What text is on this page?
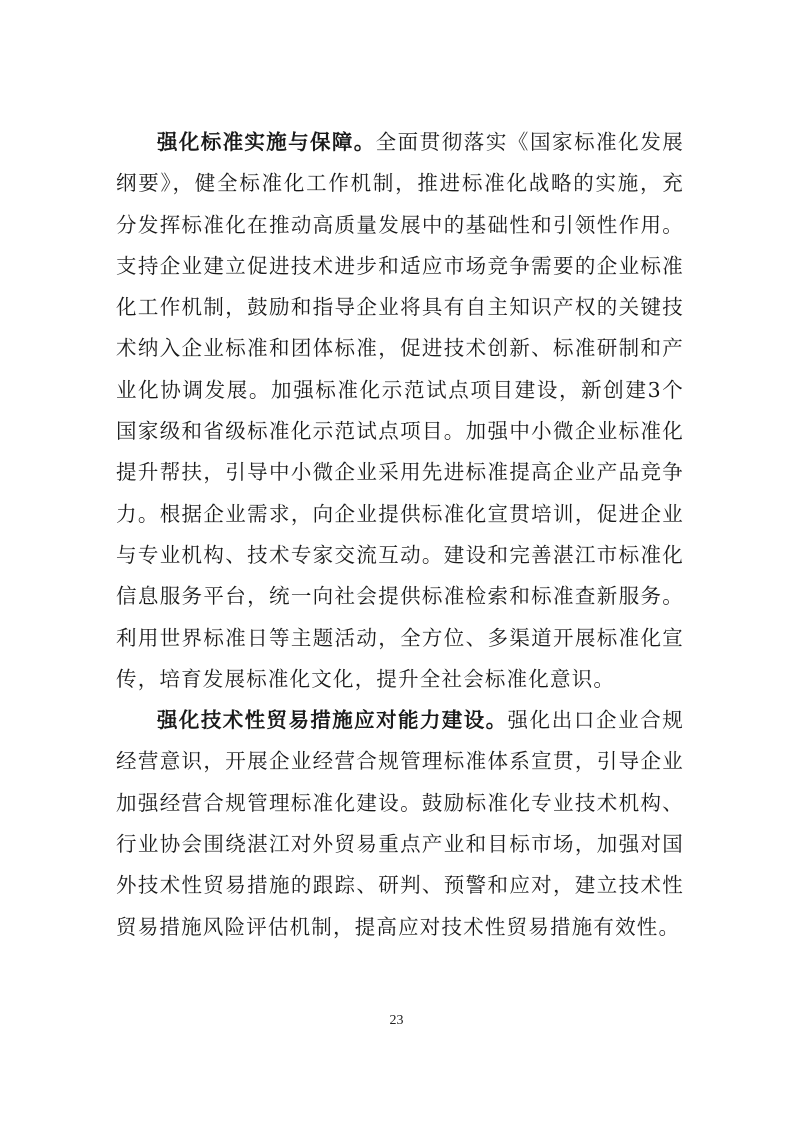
强化标准实施与保障。全面贯彻落实《国家标准化发展纲要》，健全标准化工作机制，推进标准化战略的实施，充分发挥标准化在推动高质量发展中的基础性和引领性作用。支持企业建立促进技术进步和适应市场竞争需要的企业标准化工作机制，鼓励和指导企业将具有自主知识产权的关键技术纳入企业标准和团体标准，促进技术创新、标准研制和产业化协调发展。加强标准化示范试点项目建设，新创建3个国家级和省级标准化示范试点项目。加强中小微企业标准化提升帮扶，引导中小微企业采用先进标准提高企业产品竞争力。根据企业需求，向企业提供标准化宣贯培训，促进企业与专业机构、技术专家交流互动。建设和完善湛江市标准化信息服务平台，统一向社会提供标准检索和标准查新服务。利用世界标准日等主题活动，全方位、多渠道开展标准化宣传，培育发展标准化文化，提升全社会标准化意识。

强化技术性贸易措施应对能力建设。强化出口企业合规经营意识，开展企业经营合规管理标准体系宣贯，引导企业加强经营合规管理标准化建设。鼓励标准化专业技术机构、行业协会围绕湛江对外贸易重点产业和目标市场，加强对国外技术性贸易措施的跟踪、研判、预警和应对，建立技术性贸易措施风险评估机制，提高应对技术性贸易措施有效性。

23
